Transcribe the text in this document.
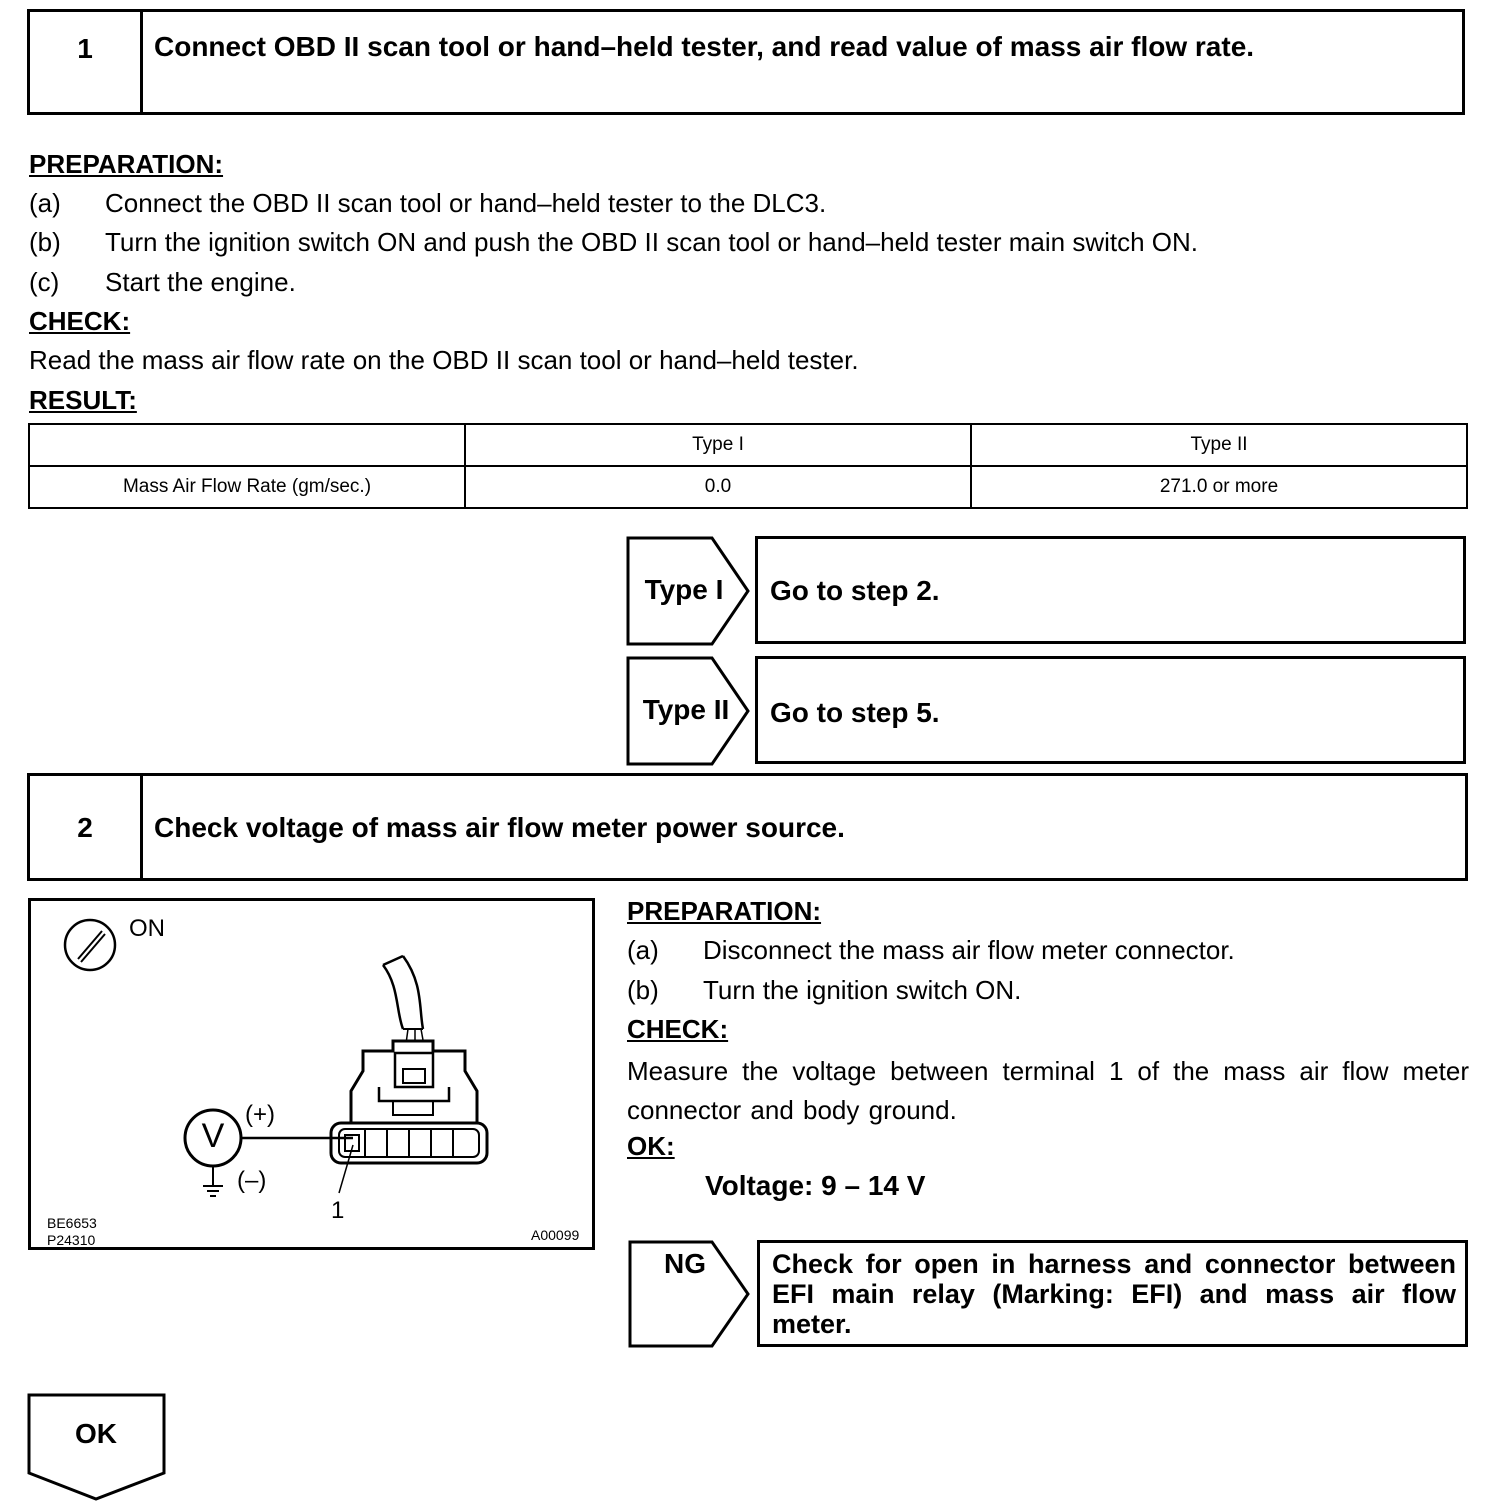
1	Connect OBD II scan tool or hand–held tester, and read value of mass air flow rate.
PREPARATION:
(a)	Connect the OBD II scan tool or hand–held tester to the DLC3.
(b)	Turn the ignition switch ON and push the OBD II scan tool or hand–held tester main switch ON.
(c)	Start the engine.
CHECK:
Read the mass air flow rate on the OBD II scan tool or hand–held tester.
RESULT:
	Type I	Type II
Mass Air Flow Rate (gm/sec.)	0.0	271.0 or more
Type I	Go to step 2.
Type II	Go to step 5.
2	Check voltage of mass air flow meter power source.
ON
V
(+)
(–)
1
BE6653
P24310	A00099
PREPARATION:
(a)	Disconnect the mass air flow meter connector.
(b)	Turn the ignition switch ON.
CHECK:
Measure the voltage between terminal 1 of the mass air flow meter connector and body ground.
OK:
Voltage: 9 – 14 V
NG	Check for open in harness and connector between EFI main relay (Marking: EFI) and mass air flow meter.
OK
